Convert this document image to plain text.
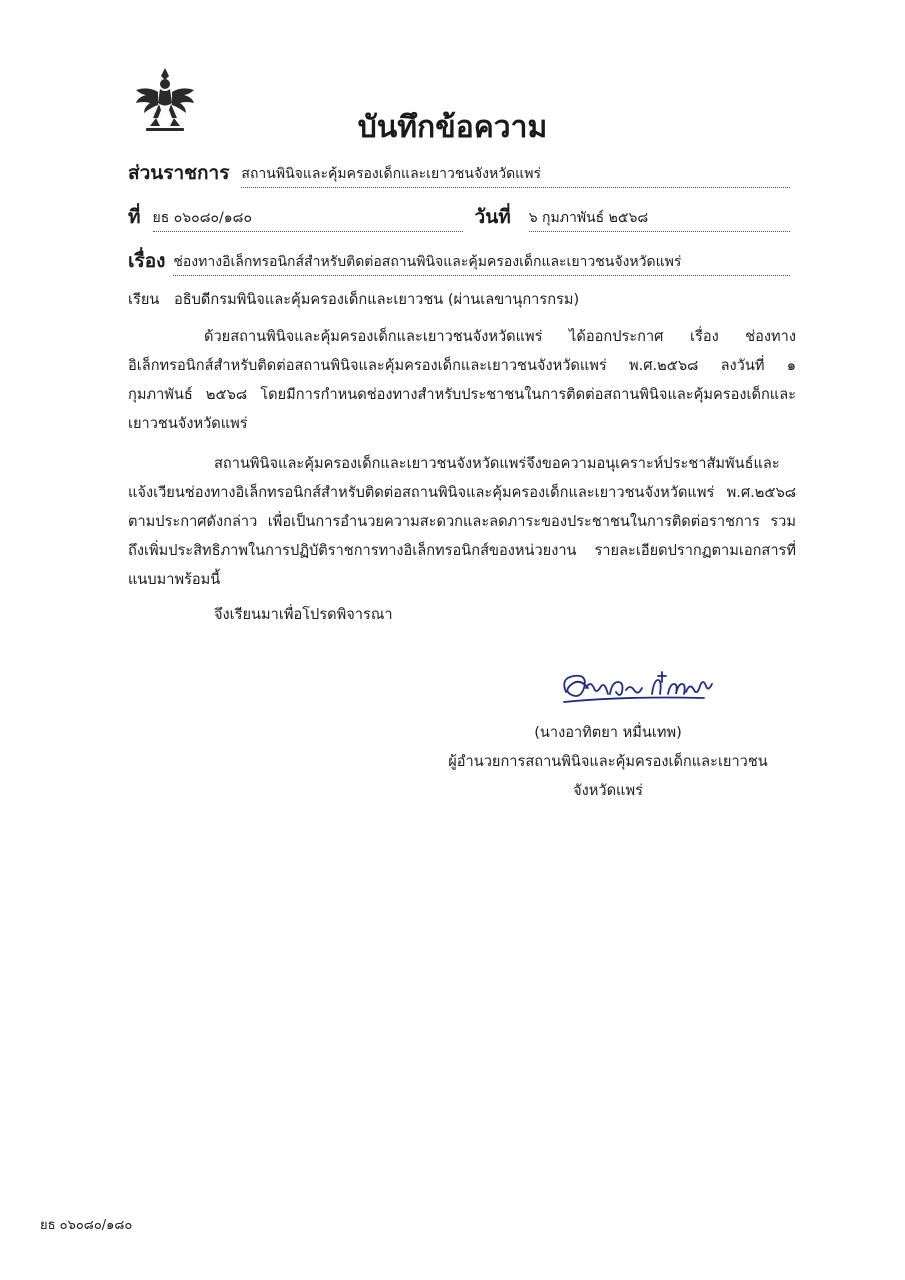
บันทึกข้อความ
ส่วนราชการ สถานพินิจและคุ้มครองเด็กและเยาวชนจังหวัดแพร่
ที่ ยธ ๐๖๐๘๐/๑๘๐	วันที่ ๖ กุมภาพันธ์ ๒๕๖๘
เรื่อง ช่องทางอิเล็กทรอนิกส์สำหรับติดต่อสถานพินิจและคุ้มครองเด็กและเยาวชนจังหวัดแพร่
เรียน อธิบดีกรมพินิจและคุ้มครองเด็กและเยาวชน (ผ่านเลขานุการกรม)
ด้วยสถานพินิจและคุ้มครองเด็กและเยาวชนจังหวัดแพร่ ได้ออกประกาศ เรื่อง ช่องทางอิเล็กทรอนิกส์สำหรับติดต่อสถานพินิจและคุ้มครองเด็กและเยาวชนจังหวัดแพร่ พ.ศ.๒๕๖๘ ลงวันที่ ๑ กุมภาพันธ์ ๒๕๖๘ โดยมีการกำหนดช่องทางสำหรับประชาชนในการติดต่อสถานพินิจและคุ้มครองเด็กและเยาวชนจังหวัดแพร่
สถานพินิจและคุ้มครองเด็กและเยาวชนจังหวัดแพร่จึงขอความอนุเคราะห์ประชาสัมพันธ์และแจ้งเวียนช่องทางอิเล็กทรอนิกส์สำหรับติดต่อสถานพินิจและคุ้มครองเด็กและเยาวชนจังหวัดแพร่ พ.ศ.๒๕๖๘ ตามประกาศดังกล่าว เพื่อเป็นการอำนวยความสะดวกและลดภาระของประชาชนในการติดต่อราชการ รวมถึงเพิ่มประสิทธิภาพในการปฏิบัติราชการทางอิเล็กทรอนิกส์ของหน่วยงาน รายละเอียดปรากฏตามเอกสารที่แนบมาพร้อมนี้
จึงเรียนมาเพื่อโปรดพิจารณา
(นางอาทิตยา หมื่นเทพ)
ผู้อำนวยการสถานพินิจและคุ้มครองเด็กและเยาวชน
จังหวัดแพร่
ยธ ๐๖๐๘๐/๑๘๐
